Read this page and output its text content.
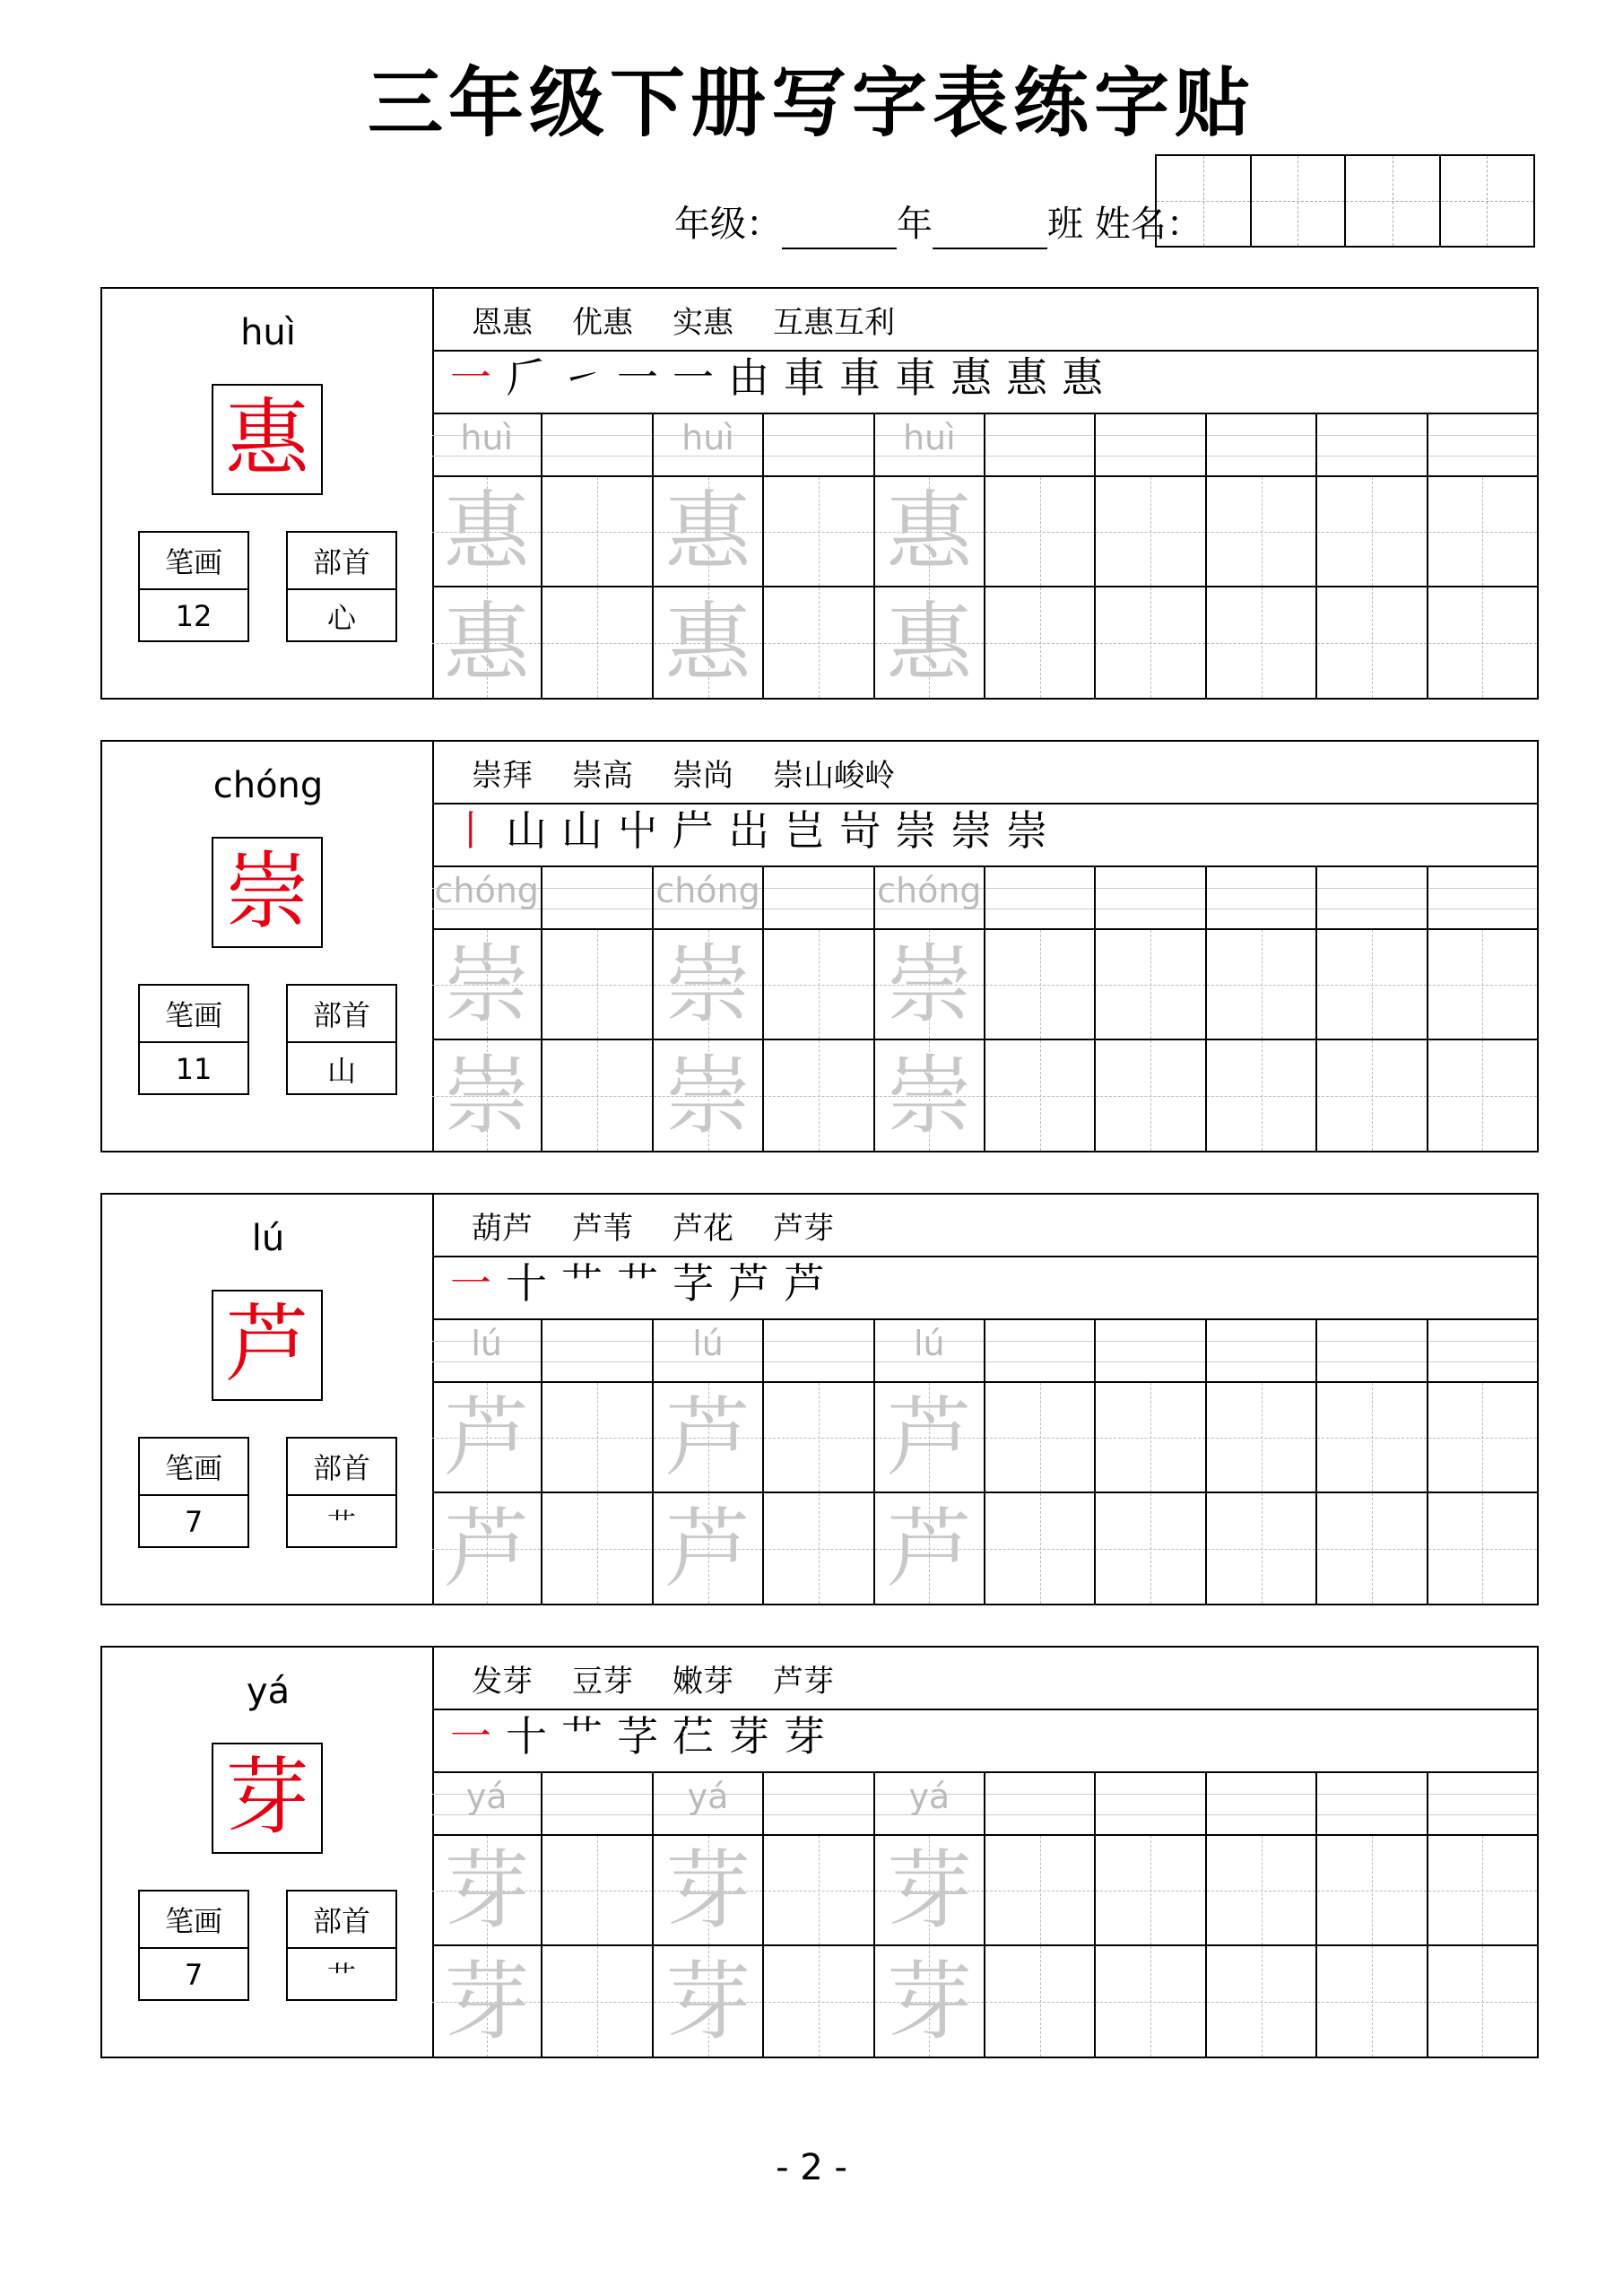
三年级下册写字表练字贴
年级：	年	班 姓名：
huì
惠
笔画
12
部首
心
恩惠 优惠 实惠 互惠互利
一 𠂆 ㇀ 一 一 由 車 車 車 惠 惠 惠
huì	huì	huì
惠 惠 惠
惠 惠 惠
chóng
崇
笔画
11
部首
山
崇拜 崇高 崇尚 崇山峻岭
丨 山 山 屮 屵 岀 岂 岢 崇 崇 崇
chóng	chóng	chóng
崇 崇 崇
崇 崇 崇
lú
芦
笔画
7
部首
艹
葫芦 芦苇 芦花 芦芽
一 十 艹 艹 芓 芦 芦
lú	lú	lú
芦 芦 芦
芦 芦 芦
yá
芽
笔画
7
部首
艹
发芽 豆芽 嫩芽 芦芽
一 十 艹 芓 芢 芽 芽
yá	yá	yá
芽 芽 芽
芽 芽 芽
- 2 -
